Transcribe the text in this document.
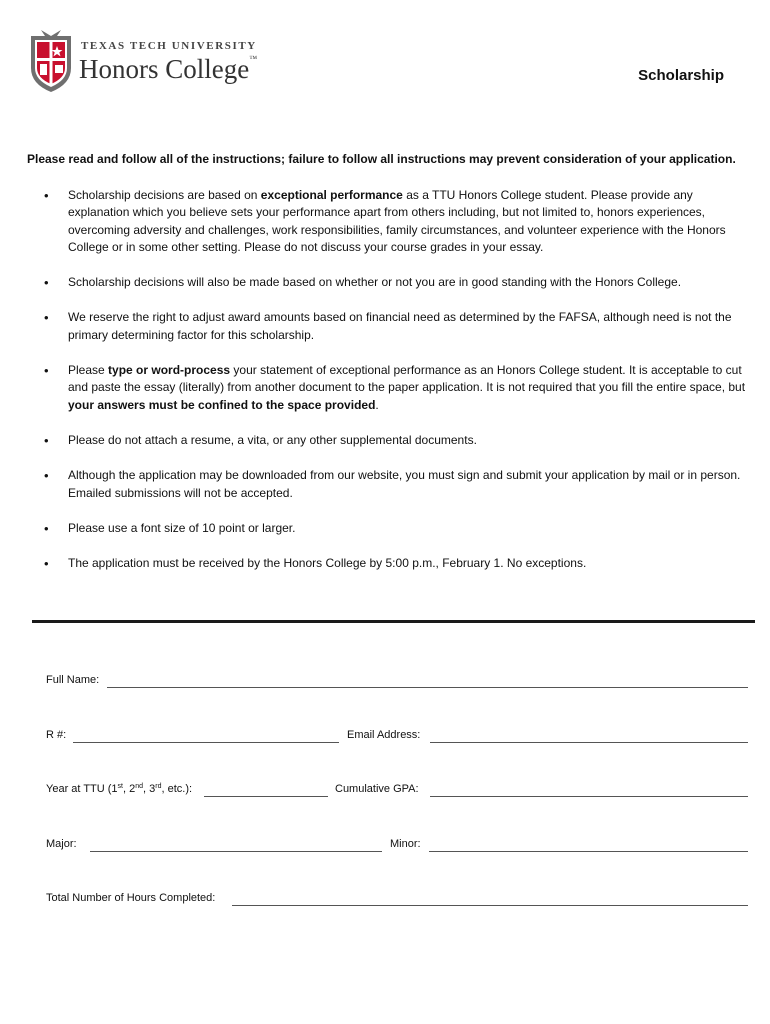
TEXAS TECH UNIVERSITY
Honors College™
Scholarship
Please read and follow all of the instructions; failure to follow all instructions may prevent consideration of your application.
• Scholarship decisions are based on exceptional performance as a TTU Honors College student. Please provide any explanation which you believe sets your performance apart from others including, but not limited to, honors experiences, overcoming adversity and challenges, work responsibilities, family circumstances, and volunteer experience with the Honors College or in some other setting. Please do not discuss your course grades in your essay.
• Scholarship decisions will also be made based on whether or not you are in good standing with the Honors College.
• We reserve the right to adjust award amounts based on financial need as determined by the FAFSA, although need is not the primary determining factor for this scholarship.
• Please type or word-process your statement of exceptional performance as an Honors College student. It is acceptable to cut and paste the essay (literally) from another document to the paper application. It is not required that you fill the entire space, but your answers must be confined to the space provided.
• Please do not attach a resume, a vita, or any other supplemental documents.
• Although the application may be downloaded from our website, you must sign and submit your application by mail or in person. Emailed submissions will not be accepted.
• Please use a font size of 10 point or larger.
• The application must be received by the Honors College by 5:00 p.m., February 1. No exceptions.
Full Name:
R #:	Email Address:
Year at TTU (1st, 2nd, 3rd, etc.):	Cumulative GPA:
Major:	Minor:
Total Number of Hours Completed:
